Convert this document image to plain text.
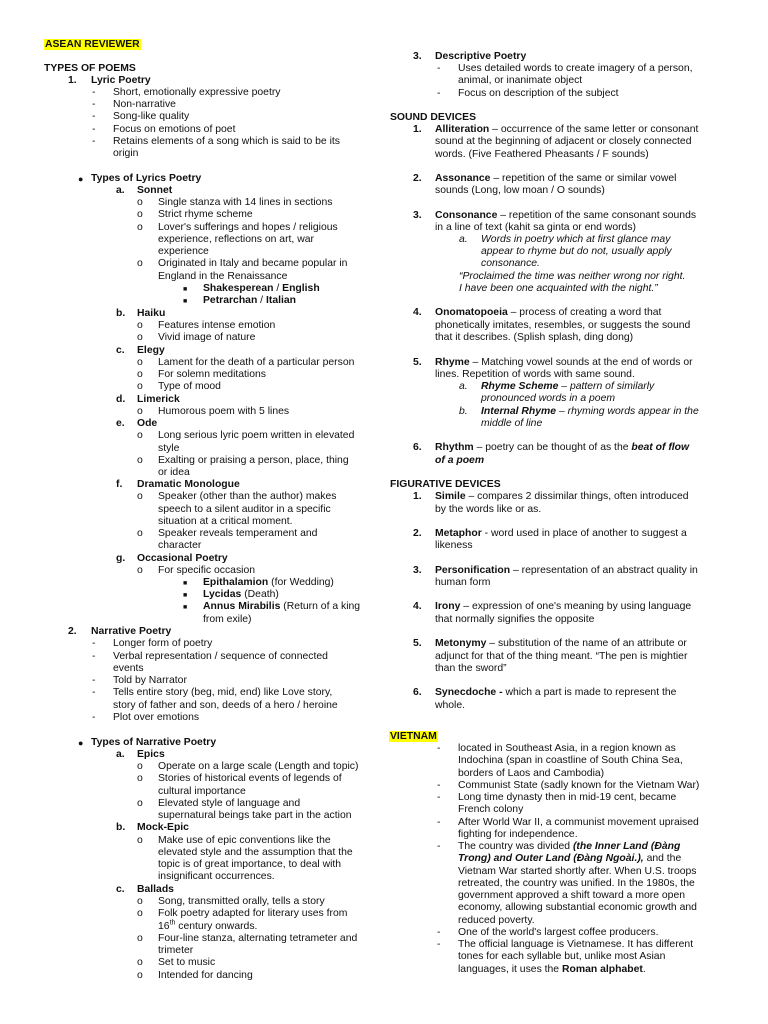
ASEAN REVIEWER
TYPES OF POEMS
1. Lyric Poetry
- Short, emotionally expressive poetry
- Non-narrative
- Song-like quality
- Focus on emotions of poet
- Retains elements of a song which is said to be its
origin
● Types of Lyrics Poetry
a. Sonnet
o Single stanza with 14 lines in sections
o Strict rhyme scheme
o Lover's sufferings and hopes / religious
experience, reflections on art, war
experience
o Originated in Italy and became popular in
England in the Renaissance
■ Shakesperean / English
■ Petrarchan / Italian
b. Haiku
o Features intense emotion
o Vivid image of nature
c. Elegy
o Lament for the death of a particular person
o For solemn meditations
o Type of mood
d. Limerick
o Humorous poem with 5 lines
e. Ode
o Long serious lyric poem written in elevated
style
o Exalting or praising a person, place, thing
or idea
f. Dramatic Monologue
o Speaker (other than the author) makes
speech to a silent auditor in a specific
situation at a critical moment.
o Speaker reveals temperament and
character
g. Occasional Poetry
o For specific occasion
■ Epithalamion (for Wedding)
■ Lycidas (Death)
■ Annus Mirabilis (Return of a king
from exile)
2. Narrative Poetry
- Longer form of poetry
- Verbal representation / sequence of connected
events
- Told by Narrator
- Tells entire story (beg, mid, end) like Love story,
story of father and son, deeds of a hero / heroine
- Plot over emotions
● Types of Narrative Poetry
a. Epics
o Operate on a large scale (Length and topic)
o Stories of historical events of legends of
cultural importance
o Elevated style of language and
supernatural beings take part in the action
b. Mock-Epic
o Make use of epic conventions like the
elevated style and the assumption that the
topic is of great importance, to deal with
insignificant occurrences.
c. Ballads
o Song, transmitted orally, tells a story
o Folk poetry adapted for literary uses from
16th century onwards.
o Four-line stanza, alternating tetrameter and
trimeter
o Set to music
o Intended for dancing
3. Descriptive Poetry
- Uses detailed words to create imagery of a person,
animal, or inanimate object
- Focus on description of the subject
SOUND DEVICES
1. Alliteration – occurrence of the same letter or consonant
sound at the beginning of adjacent or closely connected
words. (Five Feathered Pheasants / F sounds)
2. Assonance – repetition of the same or similar vowel
sounds (Long, low moan / O sounds)
3. Consonance – repetition of the same consonant sounds
in a line of text (kahit sa ginta or end words)
a. Words in poetry which at first glance may
appear to rhyme but do not, usually apply
consonance.
“Proclaimed the time was neither wrong nor right.
I have been one acquainted with the night.”
4. Onomatopoeia – process of creating a word that
phonetically imitates, resembles, or suggests the sound
that it describes. (Splish splash, ding dong)
5. Rhyme – Matching vowel sounds at the end of words or
lines. Repetition of words with same sound.
a. Rhyme Scheme – pattern of similarly
pronounced words in a poem
b. Internal Rhyme – rhyming words appear in the
middle of line
6. Rhythm – poetry can be thought of as the beat of flow
of a poem
FIGURATIVE DEVICES
1. Simile – compares 2 dissimilar things, often introduced
by the words like or as.
2. Metaphor - word used in place of another to suggest a
likeness
3. Personification – representation of an abstract quality in
human form
4. Irony – expression of one's meaning by using language
that normally signifies the opposite
5. Metonymy – substitution of the name of an attribute or
adjunct for that of the thing meant. “The pen is mightier
than the sword”
6. Synecdoche - which a part is made to represent the
whole.
VIETNAM
- located in Southeast Asia, in a region known as
Indochina (span in coastline of South China Sea,
borders of Laos and Cambodia)
- Communist State (sadly known for the Vietnam War)
- Long time dynasty then in mid-19 cent, became
French colony
- After World War II, a communist movement upraised
fighting for independence.
- The country was divided (the Inner Land (Đàng
Trong) and Outer Land (Đàng Ngoài.), and the
Vietnam War started shortly after. When U.S. troops
retreated, the country was unified. In the 1980s, the
government approved a shift toward a more open
economy, allowing substantial economic growth and
reduced poverty.
- One of the world's largest coffee producers.
- The official language is Vietnamese. It has different
tones for each syllable but, unlike most Asian
languages, it uses the Roman alphabet.
